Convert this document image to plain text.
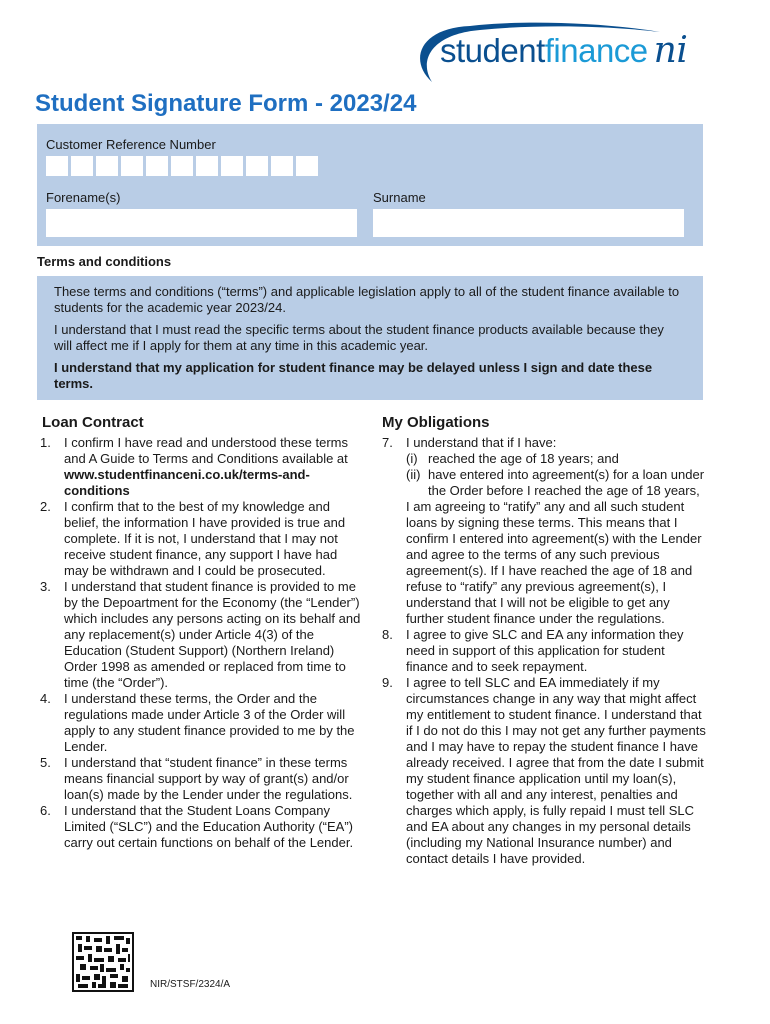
studentfinance ni
Student Signature Form - 2023/24
Customer Reference Number
Forename(s)	Surname
Terms and conditions

These terms and conditions (“terms”) and applicable legislation apply to all of the student finance available to students for the academic year 2023/24.

I understand that I must read the specific terms about the student finance products available because they will affect me if I apply for them at any time in this academic year.

I understand that my application for student finance may be delayed unless I sign and date these terms.

Loan Contract
1. I confirm I have read and understood these terms and A Guide to Terms and Conditions available at
www.studentfinanceni.co.uk/terms-and-conditions
2. I confirm that to the best of my knowledge and belief, the information I have provided is true and complete. If it is not, I understand that I may not receive student finance, any support I have had may be withdrawn and I could be prosecuted.
3. I understand that student finance is provided to me by the Depoartment for the Economy (the “Lender”) which includes any persons acting on its behalf and any replacement(s) under Article 4(3) of the Education (Student Support) (Northern Ireland) Order 1998 as amended or replaced from time to time (the “Order”).
4. I understand these terms, the Order and the regulations made under Article 3 of the Order will apply to any student finance provided to me by the Lender.
5. I understand that “student finance” in these terms means financial support by way of grant(s) and/or loan(s) made by the Lender under the regulations.
6. I understand that the Student Loans Company Limited (“SLC”) and the Education Authority (“EA”) carry out certain functions on behalf of the Lender.
My Obligations
7. I understand that if I have:
(i) reached the age of 18 years; and
(ii) have entered into agreement(s) for a loan under the Order before I reached the age of 18 years,
I am agreeing to “ratify” any and all such student loans by signing these terms. This means that I confirm I entered into agreement(s) with the Lender and agree to the terms of any such previous agreement(s). If I have reached the age of 18 and refuse to “ratify” any previous agreement(s), I understand that I will not be eligible to get any further student finance under the regulations.
8. I agree to give SLC and EA any information they need in support of this application for student finance and to seek repayment.
9. I agree to tell SLC and EA immediately if my circumstances change in any way that might affect my entitlement to student finance. I understand that if I do not do this I may not get any further payments and I may have to repay the student finance I have already received. I agree that from the date I submit my student finance application until my loan(s), together with all and any interest, penalties and charges which apply, is fully repaid I must tell SLC and EA about any changes in my personal details (including my National Insurance number) and contact details I have provided.
NIR/STSF/2324/A
